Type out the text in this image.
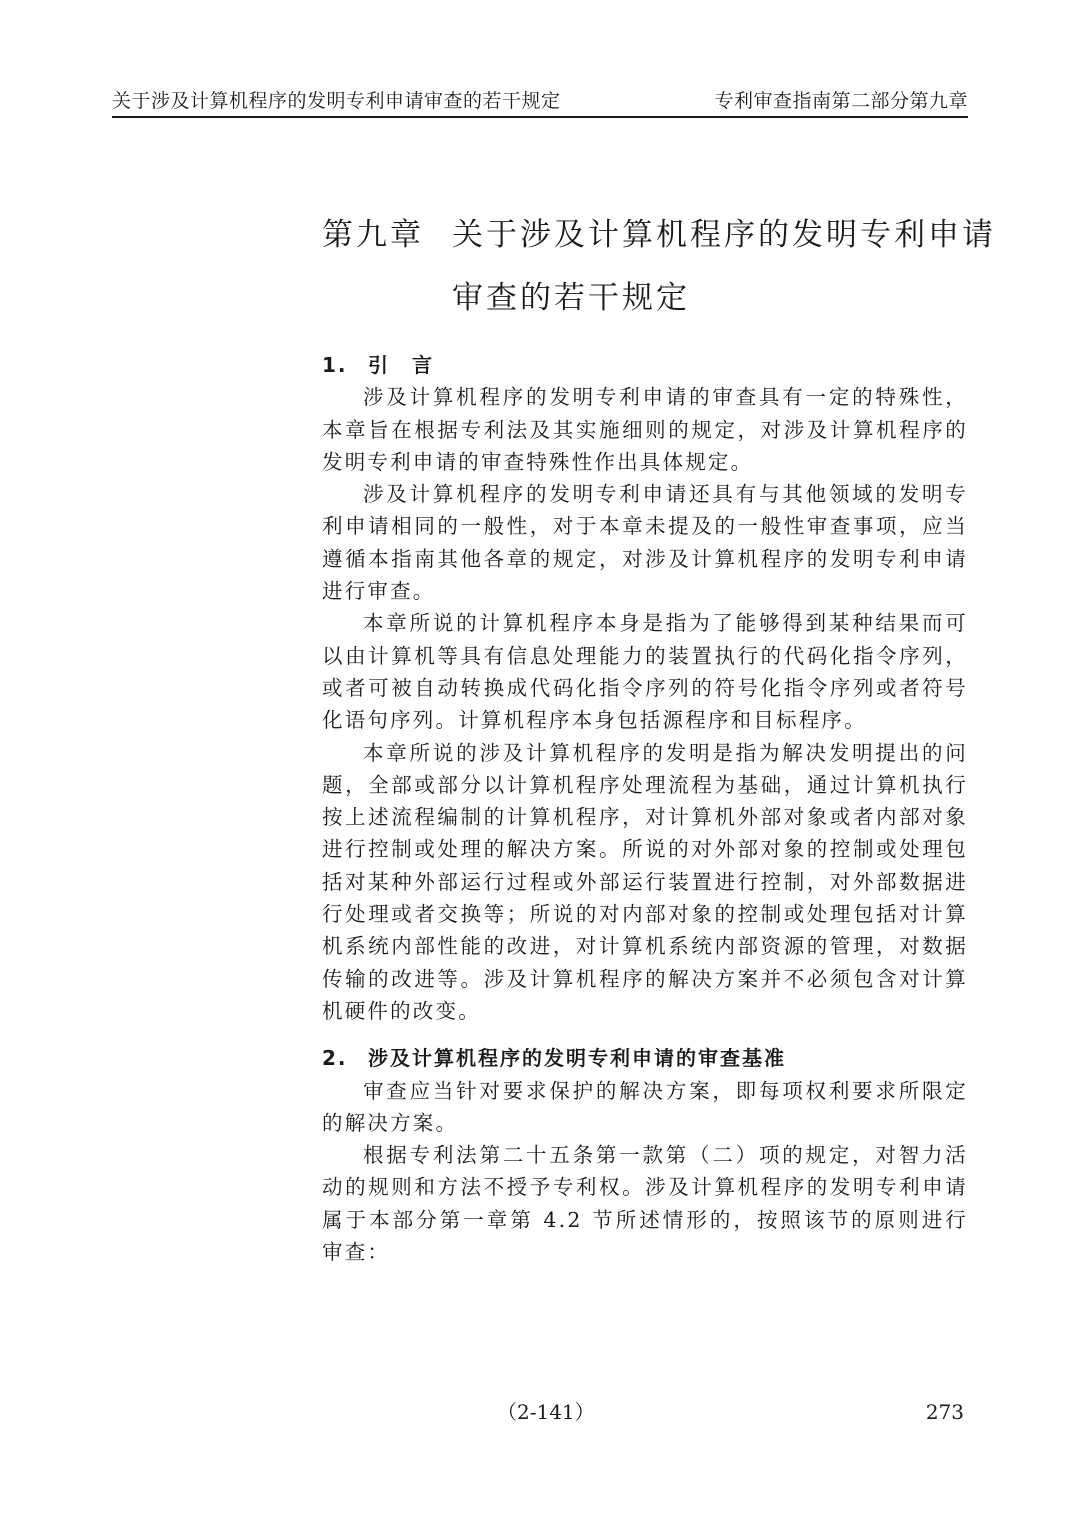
关于涉及计算机程序的发明专利申请审查的若干规定	专利审查指南第二部分第九章
第九章 关于涉及计算机程序的发明专利申请
审查的若干规定
1. 引　言

涉及计算机程序的发明专利申请的审查具有一定的特殊性，本章旨在根据专利法及其实施细则的规定，对涉及计算机程序的发明专利申请的审查特殊性作出具体规定。

涉及计算机程序的发明专利申请还具有与其他领域的发明专利申请相同的一般性，对于本章未提及的一般性审查事项，应当遵循本指南其他各章的规定，对涉及计算机程序的发明专利申请进行审查。

本章所说的计算机程序本身是指为了能够得到某种结果而可以由计算机等具有信息处理能力的装置执行的代码化指令序列，或者可被自动转换成代码化指令序列的符号化指令序列或者符号化语句序列。计算机程序本身包括源程序和目标程序。

本章所说的涉及计算机程序的发明是指为解决发明提出的问题，全部或部分以计算机程序处理流程为基础，通过计算机执行按上述流程编制的计算机程序，对计算机外部对象或者内部对象进行控制或处理的解决方案。所说的对外部对象的控制或处理包括对某种外部运行过程或外部运行装置进行控制，对外部数据进行处理或者交换等；所说的对内部对象的控制或处理包括对计算机系统内部性能的改进，对计算机系统内部资源的管理，对数据传输的改进等。涉及计算机程序的解决方案并不必须包含对计算机硬件的改变。

2. 涉及计算机程序的发明专利申请的审查基准

审查应当针对要求保护的解决方案，即每项权利要求所限定的解决方案。

根据专利法第二十五条第一款第（二）项的规定，对智力活动的规则和方法不授予专利权。涉及计算机程序的发明专利申请属于本部分第一章第 4.2 节所述情形的，按照该节的原则进行审查：

（2-141）	273
